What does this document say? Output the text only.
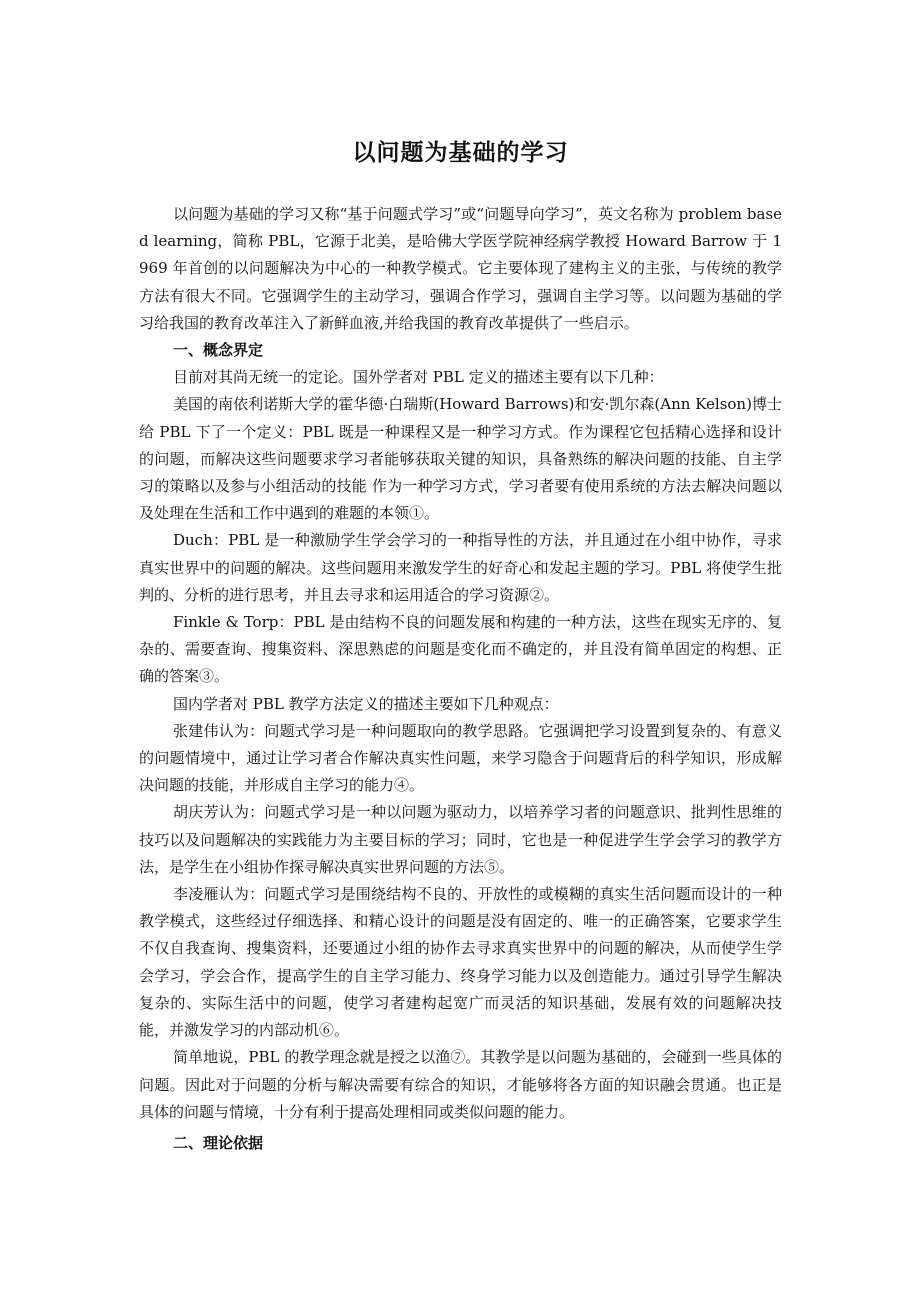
以问题为基础的学习

以问题为基础的学习又称“基于问题式学习”或“问题导向学习”，英文名称为 problem based learning，简称 PBL，它源于北美，是哈佛大学医学院神经病学教授 Howard Barrow 于 1969 年首创的以问题解决为中心的一种教学模式。它主要体现了建构主义的主张，与传统的教学方法有很大不同。它强调学生的主动学习，强调合作学习，强调自主学习等。以问题为基础的学习给我国的教育改革注入了新鲜血液,并给我国的教育改革提供了一些启示。

一、概念界定

目前对其尚无统一的定论。国外学者对 PBL 定义的描述主要有以下几种：

美国的南依利诺斯大学的霍华德·白瑞斯(Howard Barrows)和安·凯尔森(Ann Kelson)博士给 PBL 下了一个定义：PBL 既是一种课程又是一种学习方式。作为课程它包括精心选择和设计的问题，而解决这些问题要求学习者能够获取关键的知识，具备熟练的解决问题的技能、自主学习的策略以及参与小组活动的技能 作为一种学习方式，学习者要有使用系统的方法去解决问题以及处理在生活和工作中遇到的难题的本领①。

Duch：PBL 是一种激励学生学会学习的一种指导性的方法，并且通过在小组中协作，寻求真实世界中的问题的解决。这些问题用来激发学生的好奇心和发起主题的学习。PBL 将使学生批判的、分析的进行思考，并且去寻求和运用适合的学习资源②。

Finkle & Torp：PBL 是由结构不良的问题发展和构建的一种方法，这些在现实无序的、复杂的、需要查询、搜集资料、深思熟虑的问题是变化而不确定的，并且没有简单固定的构想、正确的答案③。

国内学者对 PBL 教学方法定义的描述主要如下几种观点：

张建伟认为：问题式学习是一种问题取向的教学思路。它强调把学习设置到复杂的、有意义的问题情境中，通过让学习者合作解决真实性问题，来学习隐含于问题背后的科学知识，形成解决问题的技能，并形成自主学习的能力④。

胡庆芳认为：问题式学习是一种以问题为驱动力，以培养学习者的问题意识、批判性思维的技巧以及问题解决的实践能力为主要目标的学习；同时，它也是一种促进学生学会学习的教学方法，是学生在小组协作探寻解决真实世界问题的方法⑤。

李凌雁认为：问题式学习是围绕结构不良的、开放性的或模糊的真实生活问题而设计的一种教学模式，这些经过仔细选择、和精心设计的问题是没有固定的、唯一的正确答案，它要求学生不仅自我查询、搜集资料，还要通过小组的协作去寻求真实世界中的问题的解决，从而使学生学会学习，学会合作，提高学生的自主学习能力、终身学习能力以及创造能力。通过引导学生解决复杂的、实际生活中的问题，使学习者建构起宽广而灵活的知识基础，发展有效的问题解决技能，并激发学习的内部动机⑥。

简单地说，PBL 的教学理念就是授之以渔⑦。其教学是以问题为基础的，会碰到一些具体的问题。因此对于问题的分析与解决需要有综合的知识，才能够将各方面的知识融会贯通。也正是具体的问题与情境，十分有利于提高处理相同或类似问题的能力。

二、理论依据
